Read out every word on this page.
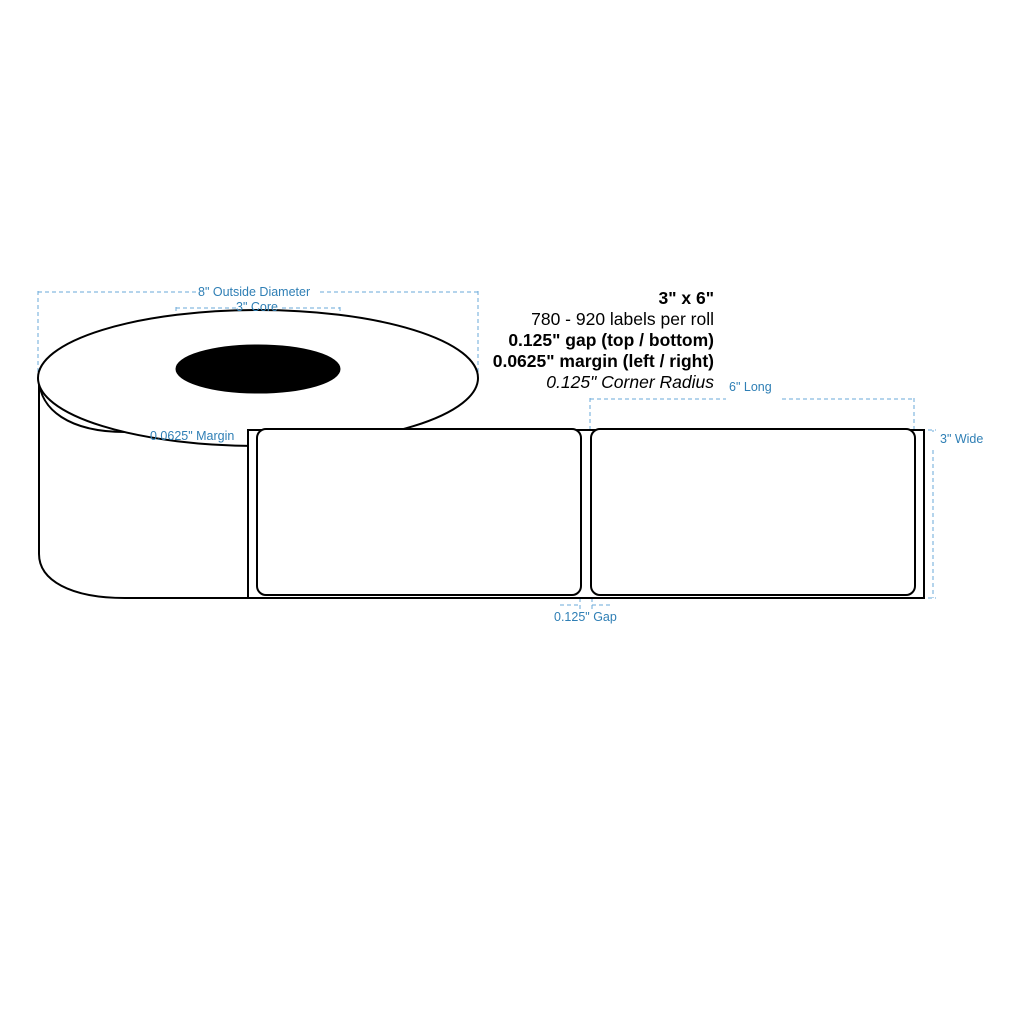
3" x 6"
780 - 920 labels per roll
0.125" gap (top / bottom)
0.0625" margin (left / right)
0.125" Corner Radius
8" Outside Diameter
3" Core
0.0625" Margin
6" Long
3" Wide
0.125" Gap
